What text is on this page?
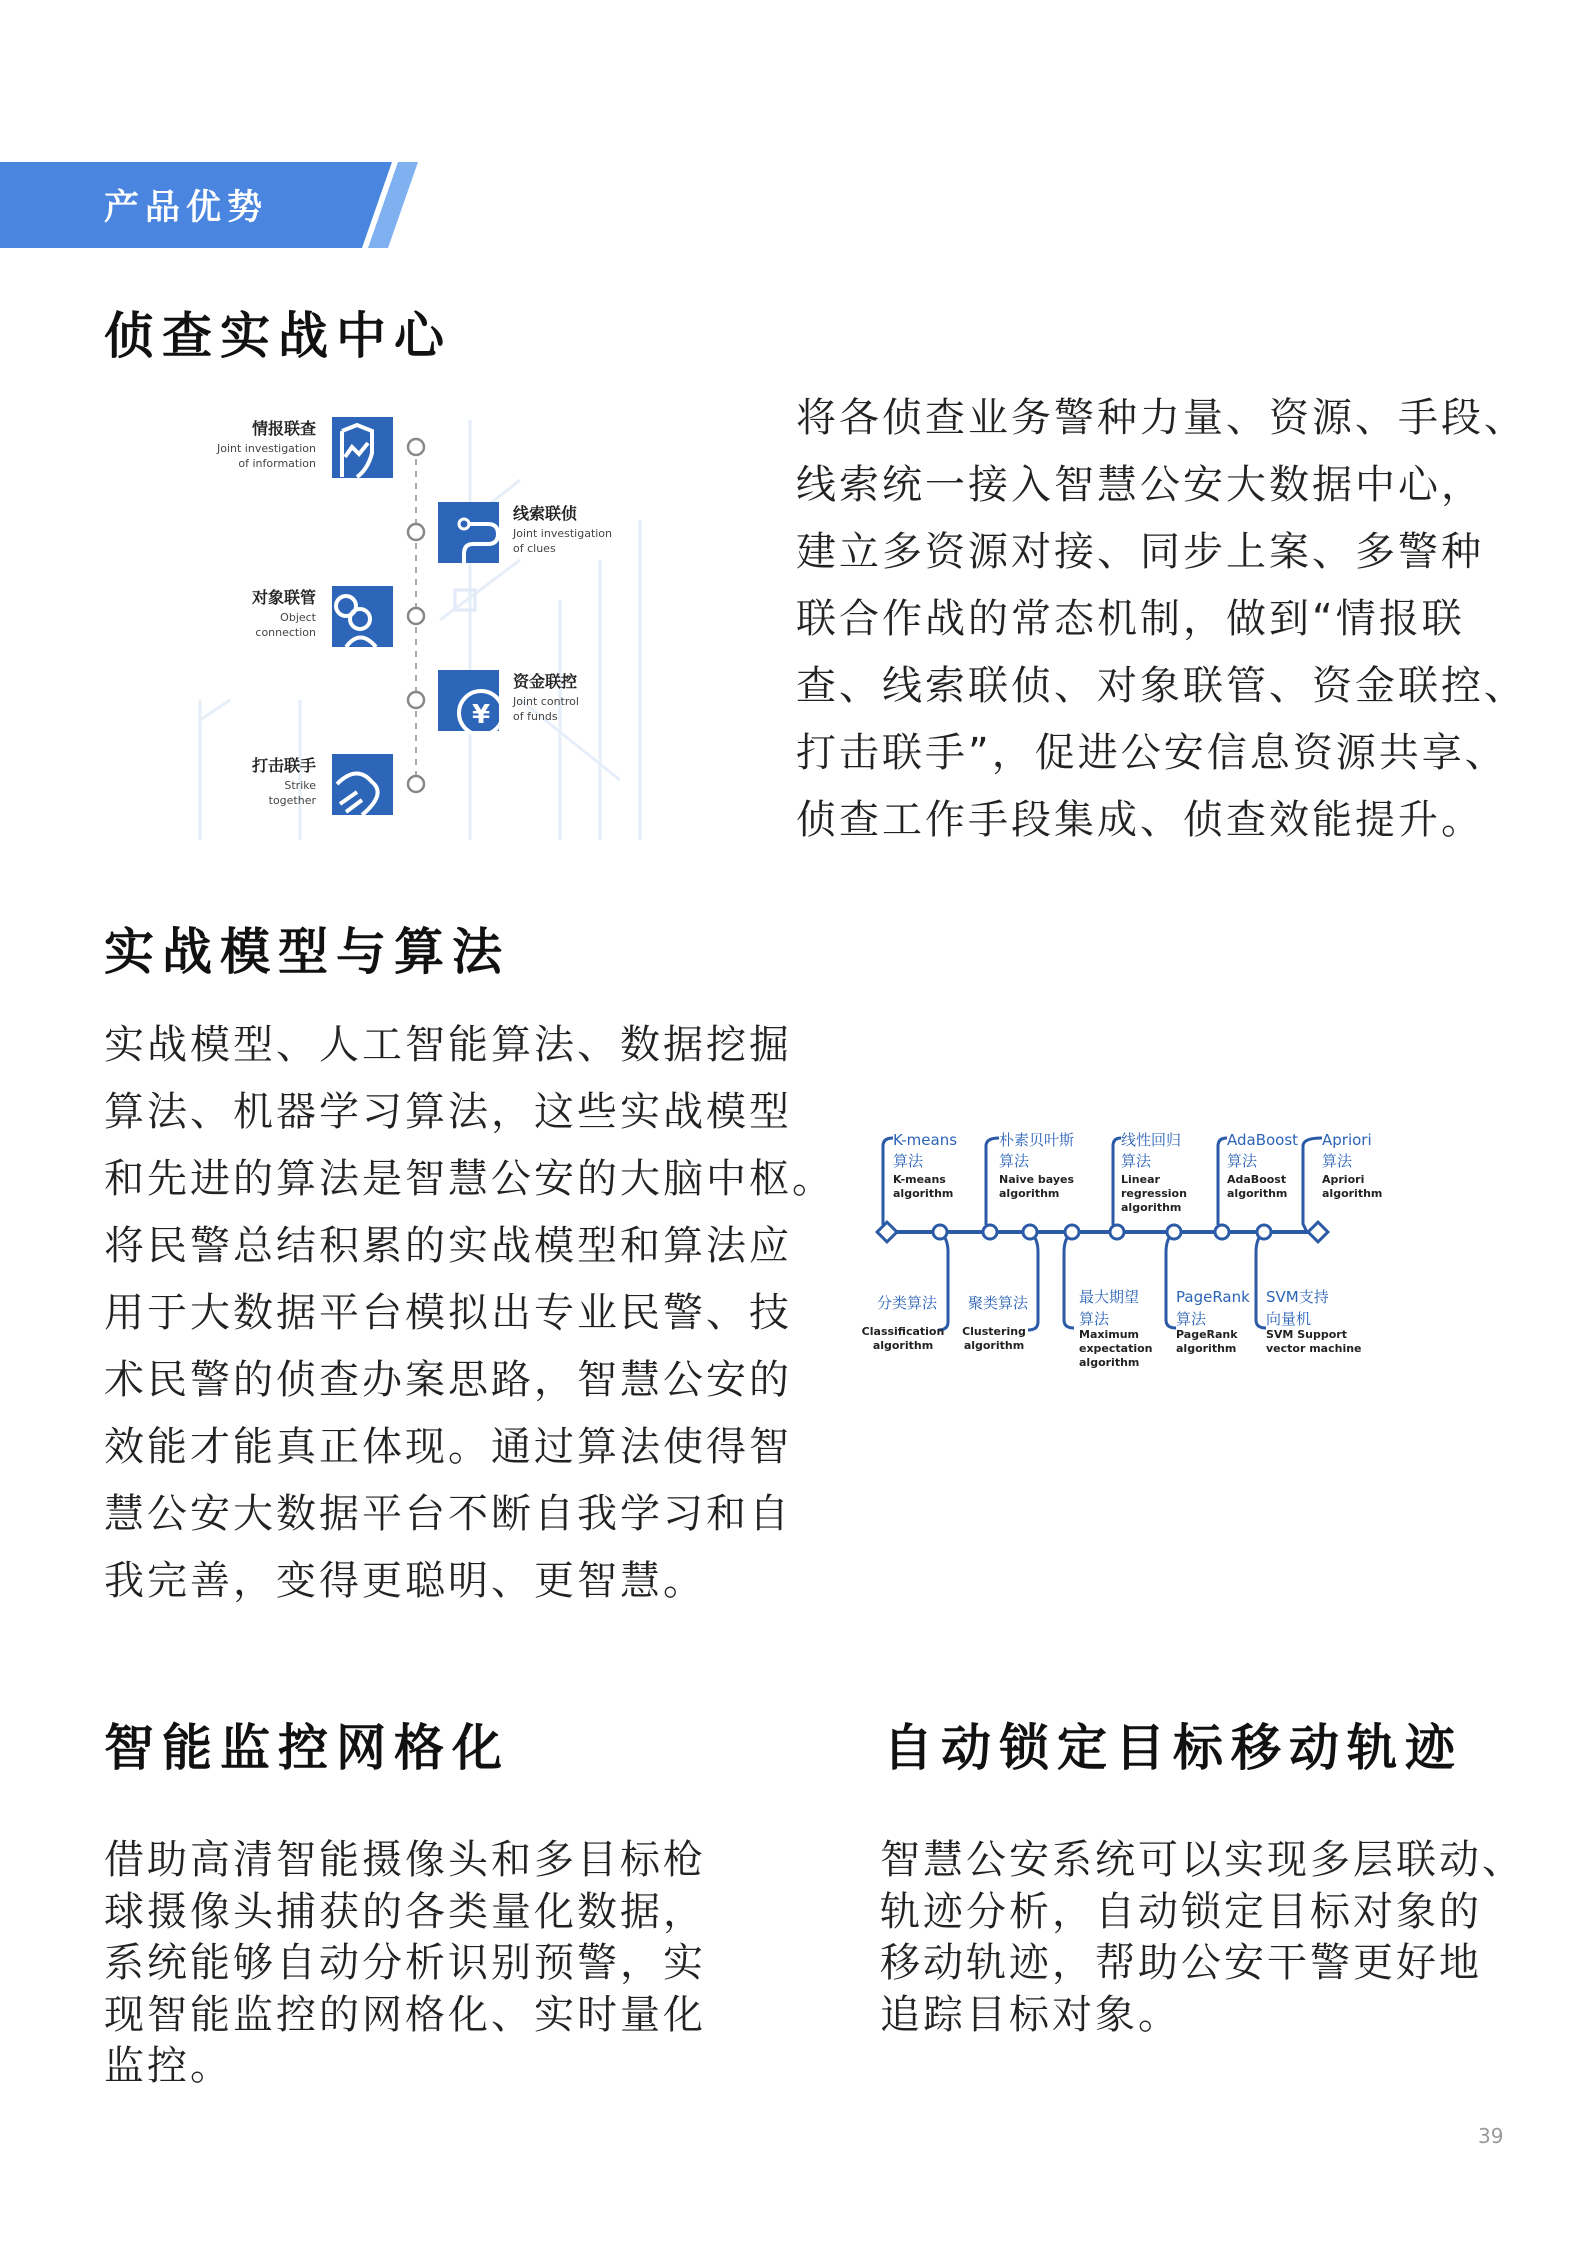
产品优势
侦查实战中心
将各侦查业务警种力量、资源、手段、
线索统一接入智慧公安大数据中心，
建立多资源对接、同步上案、多警种
联合作战的常态机制，做到“情报联
查、线索联侦、对象联管、资金联控、
打击联手”，促进公安信息资源共享、
侦查工作手段集成、侦查效能提升。
实战模型与算法
实战模型、人工智能算法、数据挖掘
算法、机器学习算法，这些实战模型
和先进的算法是智慧公安的大脑中枢。
将民警总结积累的实战模型和算法应
用于大数据平台模拟出专业民警、技
术民警的侦查办案思路，智慧公安的
效能才能真正体现。通过算法使得智
慧公安大数据平台不断自我学习和自
我完善，变得更聪明、更智慧。
智能监控网格化
借助高清智能摄像头和多目标枪
球摄像头捕获的各类量化数据，
系统能够自动分析识别预警，实
现智能监控的网格化、实时量化
监控。
自动锁定目标移动轨迹
智慧公安系统可以实现多层联动、
轨迹分析，自动锁定目标对象的
移动轨迹，帮助公安干警更好地
追踪目标对象。
39
情报联查
Joint investigation
of information
线索联侦
Joint investigation
of clues
对象联管
Object
connection
¥
资金联控
Joint control
of funds
打击联手
Strike
together
K-means
算法
K-means
algorithm
朴素贝叶斯
算法
Naive bayes
algorithm
线性回归
算法
Linear
regression
algorithm
AdaBoost
算法
AdaBoost
algorithm
Apriori
算法
Apriori
algorithm
分类算法
Classification
algorithm
聚类算法
Clustering
algorithm
最大期望
算法
Maximum
expectation
algorithm
PageRank
算法
PageRank
algorithm
SVM支持
向量机
SVM Support
vector machine
